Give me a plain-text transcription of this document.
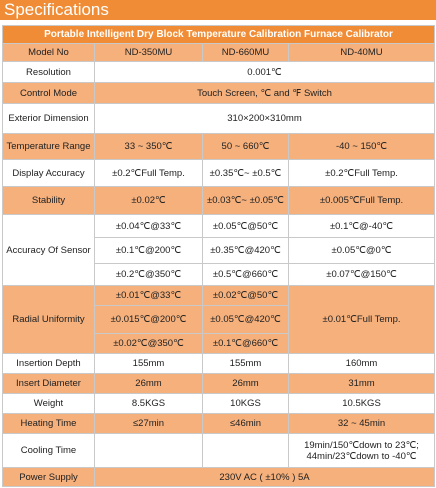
Specifications
Portable Intelligent Dry Block Temperature Calibration Furnace Calibrator			
Model No	ND-350MU	ND-660MU	ND-40MU
Resolution	0.001℃		
Control Mode	Touch Screen, ℃ and ℉ Switch		
Exterior Dimension	310×200×310mm		
Temperature Range	33 ~ 350℃	50 ~ 660℃	-40 ~ 150℃
Display Accuracy	±0.2℃Full Temp.	±0.35℃~ ±0.5℃	±0.2℃Full Temp.
Stability	±0.02℃	±0.03℃~ ±0.05℃	±0.005℃Full Temp.
Accuracy Of Sensor	±0.04℃@33℃	±0.05℃@50℃	±0.1℃@-40℃
	±0.1℃@200℃	±0.35℃@420℃	±0.05℃@0℃
	±0.2℃@350℃	±0.5℃@660℃	±0.07℃@150℃
Radial Uniformity	±0.01℃@33℃	±0.02℃@50℃	±0.01℃Full Temp.
	±0.015℃@200℃	±0.05℃@420℃	
	±0.02℃@350℃	±0.1℃@660℃	
Insertion Depth	155mm	155mm	160mm
Insert Diameter	26mm	26mm	31mm
Weight	8.5KGS	10KGS	10.5KGS
Heating Time	≤27min	≤46min	32 ~ 45min
Cooling Time			19min/150℃down to 23℃;
44min/23℃down to -40℃

Power Supply	230V AC ( ±10% ) 5A		
